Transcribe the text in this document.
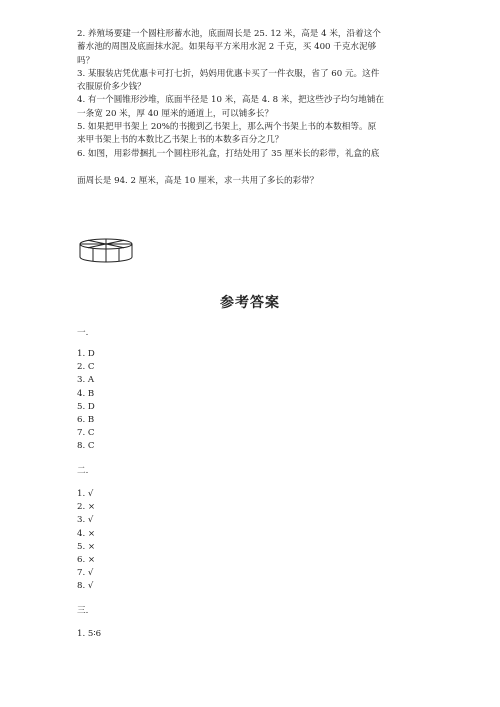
2. 养殖场要建一个圆柱形蓄水池，底面周长是 25. 12 米，高是 4 米，沿着这个

蓄水池的周围及底面抹水泥。如果每平方米用水泥 2 千克，买 400 千克水泥够

吗？

3. 某服装店凭优惠卡可打七折，妈妈用优惠卡买了一件衣服，省了 60 元。这件

衣服原价多少钱？

4. 有一个圆锥形沙堆，底面半径是 10 米，高是 4. 8 米，把这些沙子均匀地铺在

一条宽 20 米，厚 40 厘米的通道上，可以铺多长？

5. 如果把甲书架上 20%的书搬到乙书架上，那么两个书架上书的本数相等。原

来甲书架上书的本数比乙书架上书的本数多百分之几？

6. 如图，用彩带捆扎一个圆柱形礼盒，打结处用了 35 厘米长的彩带，礼盒的底

面周长是 94. 2 厘米，高是 10 厘米，求一共用了多长的彩带？

参考答案

一.

1. D
2. C
3. A
4. B
5. D
6. B
7. C
8. C

二.

1. √
2. ×
3. √
4. ×
5. ×
6. ×
7. √
8. √

三.

1. 5∶6
